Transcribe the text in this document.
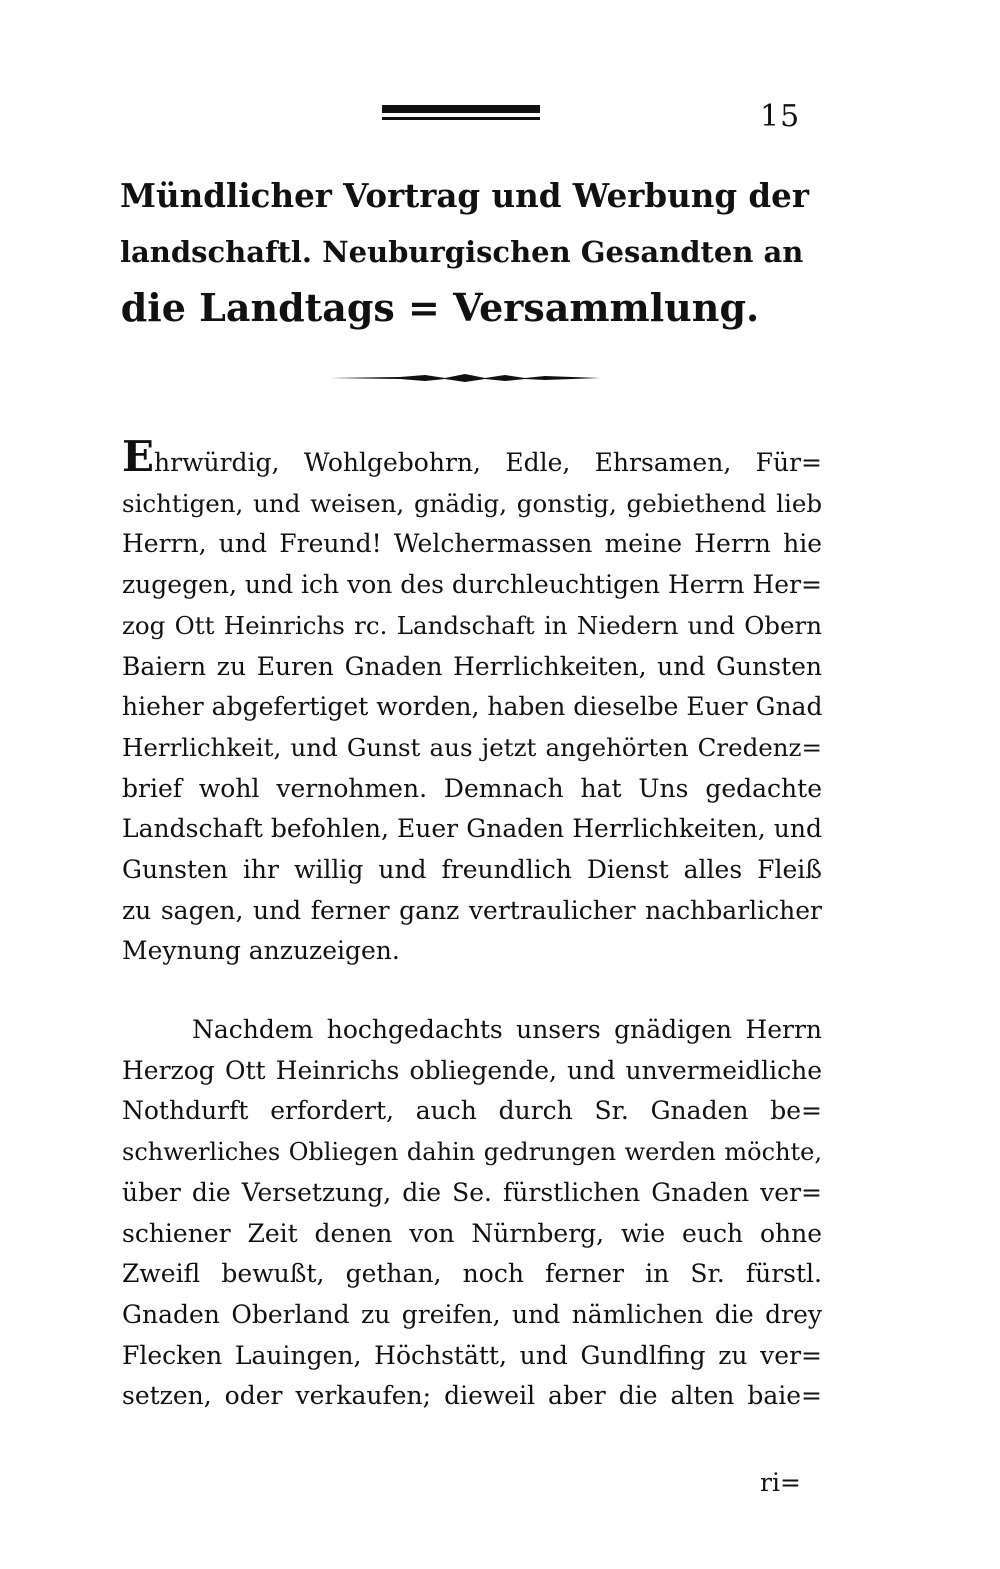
15
Mündlicher Vortrag und Werbung der
landschaftl. Neuburgischen Gesandten an
die Landtags = Versammlung.
Ehrwürdig, Wohlgebohrn, Edle, Ehrsamen, Für=
sichtigen, und weisen, gnädig, gonstig, gebiethend lieb
Herrn, und Freund! Welchermassen meine Herrn hie
zugegen, und ich von des durchleuchtigen Herrn Her=
zog Ott Heinrichs rc. Landschaft in Niedern und Obern
Baiern zu Euren Gnaden Herrlichkeiten, und Gunsten
hieher abgefertiget worden, haben dieselbe Euer Gnad
Herrlichkeit, und Gunst aus jetzt angehörten Credenz=
brief wohl vernohmen. Demnach hat Uns gedachte
Landschaft befohlen, Euer Gnaden Herrlichkeiten, und
Gunsten ihr willig und freundlich Dienst alles Fleiß
zu sagen, und ferner ganz vertraulicher nachbarlicher
Meynung anzuzeigen.
Nachdem hochgedachts unsers gnädigen Herrn
Herzog Ott Heinrichs obliegende, und unvermeidliche
Nothdurft erfordert, auch durch Sr. Gnaden be=
schwerliches Obliegen dahin gedrungen werden möchte,
über die Versetzung, die Se. fürstlichen Gnaden ver=
schiener Zeit denen von Nürnberg, wie euch ohne
Zweifl bewußt, gethan, noch ferner in Sr. fürstl.
Gnaden Oberland zu greifen, und nämlichen die drey
Flecken Lauingen, Höchstätt, und Gundlfing zu ver=
setzen, oder verkaufen; dieweil aber die alten baie=
ri=
